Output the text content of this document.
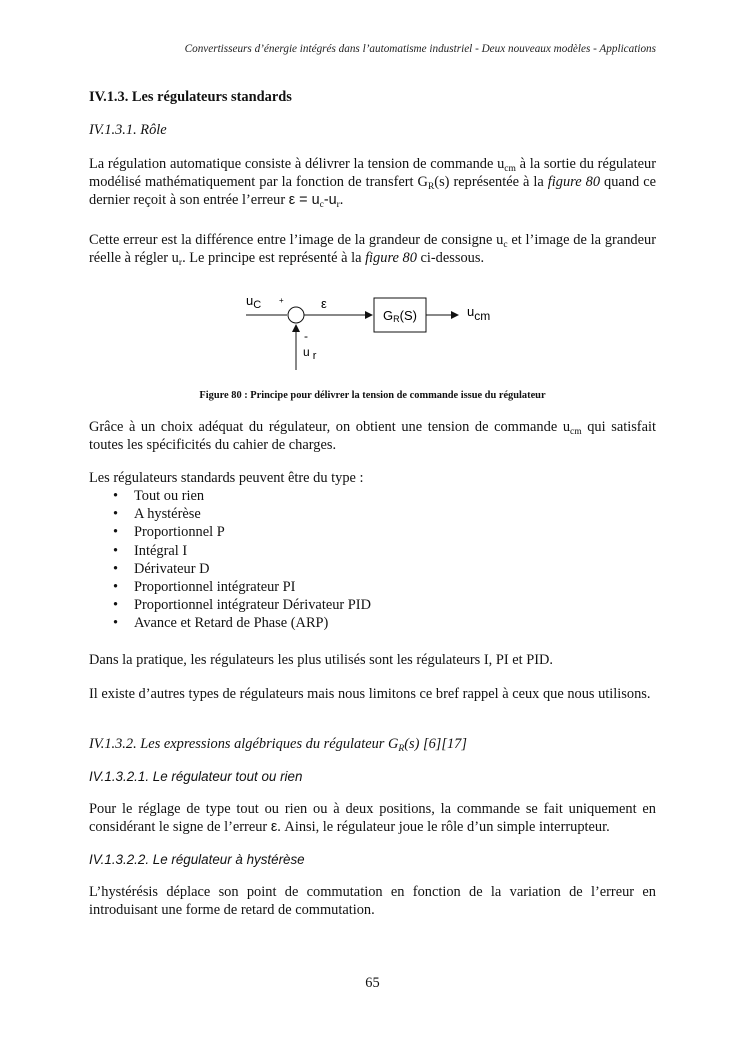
Convertisseurs d’énergie intégrés dans l’automatisme industriel - Deux nouveaux modèles - Applications
IV.1.3. Les régulateurs standards
IV.1.3.1. Rôle
La régulation automatique consiste à délivrer la tension de commande $u_{cm}$ à la sortie du régulateur modélisé mathématiquement par la fonction de transfert $G_R(s)$ représentée à la figure 80 quand ce dernier reçoit à son entrée l’erreur $\varepsilon = u_c-u_r$.
Cette erreur est la différence entre l’image de la grandeur de consigne $u_c$ et l’image de la grandeur réelle à régler $u_r$. Le principe est représenté à la figure 80 ci-dessous.
$u_C$ +
-
u r
ε
GR(S)	ucm
Figure 80 : Principe pour délivrer la tension de commande issue du régulateur
Grâce à un choix adéquat du régulateur, on obtient une tension de commande $u_{cm}$ qui satisfait toutes les spécificités du cahier de charges.
Les régulateurs standards peuvent être du type :
• Tout ou rien
• A hystérèse
• Proportionnel P
• Intégral I
• Dérivateur D
• Proportionnel intégrateur PI
• Proportionnel intégrateur Dérivateur PID
• Avance et Retard de Phase (ARP)
Dans la pratique, les régulateurs les plus utilisés sont les régulateurs I, PI et PID.
Il existe d’autres types de régulateurs mais nous limitons ce bref rappel à ceux que nous utilisons.
IV.1.3.2. Les expressions algébriques du régulateur $G_R(s)$ [6][17]
IV.1.3.2.1. Le régulateur tout ou rien
Pour le réglage de type tout ou rien ou à deux positions, la commande se fait uniquement en considérant le signe de l’erreur ε. Ainsi, le régulateur joue le rôle d’un simple interrupteur.
IV.1.3.2.2. Le régulateur à hystérèse
L’hystérésis déplace son point de commutation en fonction de la variation de l’erreur en introduisant une forme de retard de commutation.
65
